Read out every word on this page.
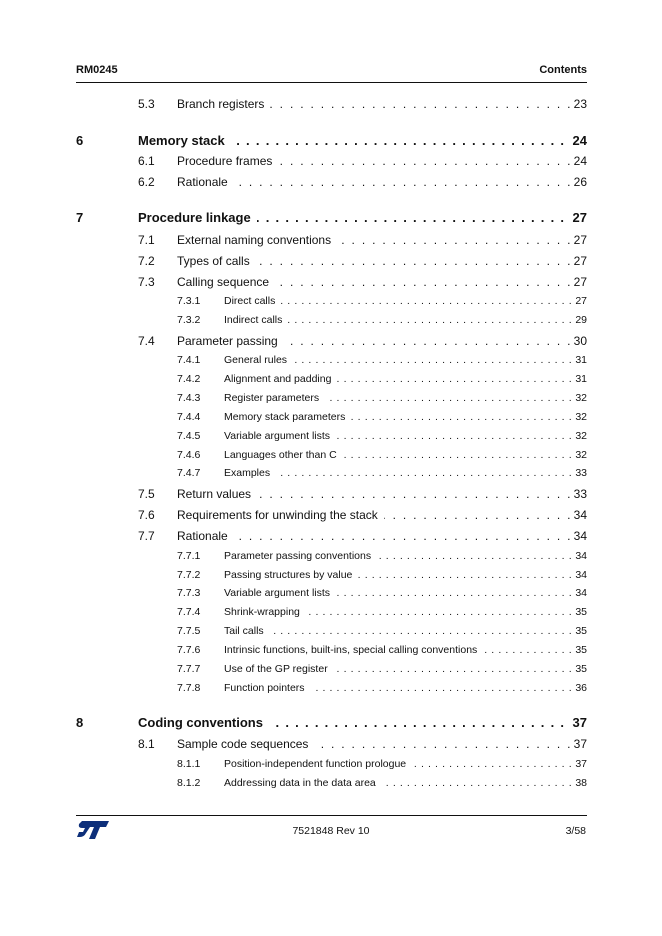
RM0245	Contents
. . .
5.3 Branch registers	23
. . .
6	Memory stack	24
. . .
6.1 Procedure frames	24
. . .
6.2 Rationale	26
. . .
7	Procedure linkage	27
. . .
7.1 External naming conventions	27
. . .
7.2 Types of calls	27
. . .
7.3 Calling sequence	27
. . .
7.3.1 Direct calls	27
. . .
7.3.2 Indirect calls	29
. . .
7.4 Parameter passing	30
. . .
7.4.1 General rules	31
. . .
7.4.2 Alignment and padding	31
. . .
7.4.3 Register parameters	32
. . .
7.4.4 Memory stack parameters	32
. . .
7.4.5 Variable argument lists	32
. . .
7.4.6 Languages other than C	32
. . .
7.4.7 Examples	33
. . .
7.5 Return values	33
. . .
7.6 Requirements for unwinding the stack	34
. . .
7.7 Rationale	34
. . .
7.7.1 Parameter passing conventions	34
. . .
7.7.2 Passing structures by value	34
. . .
7.7.3 Variable argument lists	34
. . .
7.7.4 Shrink-wrapping	35
. . .
7.7.5 Tail calls	35
. . .
7.7.6 Intrinsic functions, built-ins, special calling conventions	35
. . .
7.7.7 Use of the GP register	35
. . .
7.7.8 Function pointers	36
. . .
8	Coding conventions	37
. . .
8.1 Sample code sequences	37
. . .
8.1.1 Position-independent function prologue	37
. . .
8.1.2 Addressing data in the data area	38
7521848 Rev 10	3/58
